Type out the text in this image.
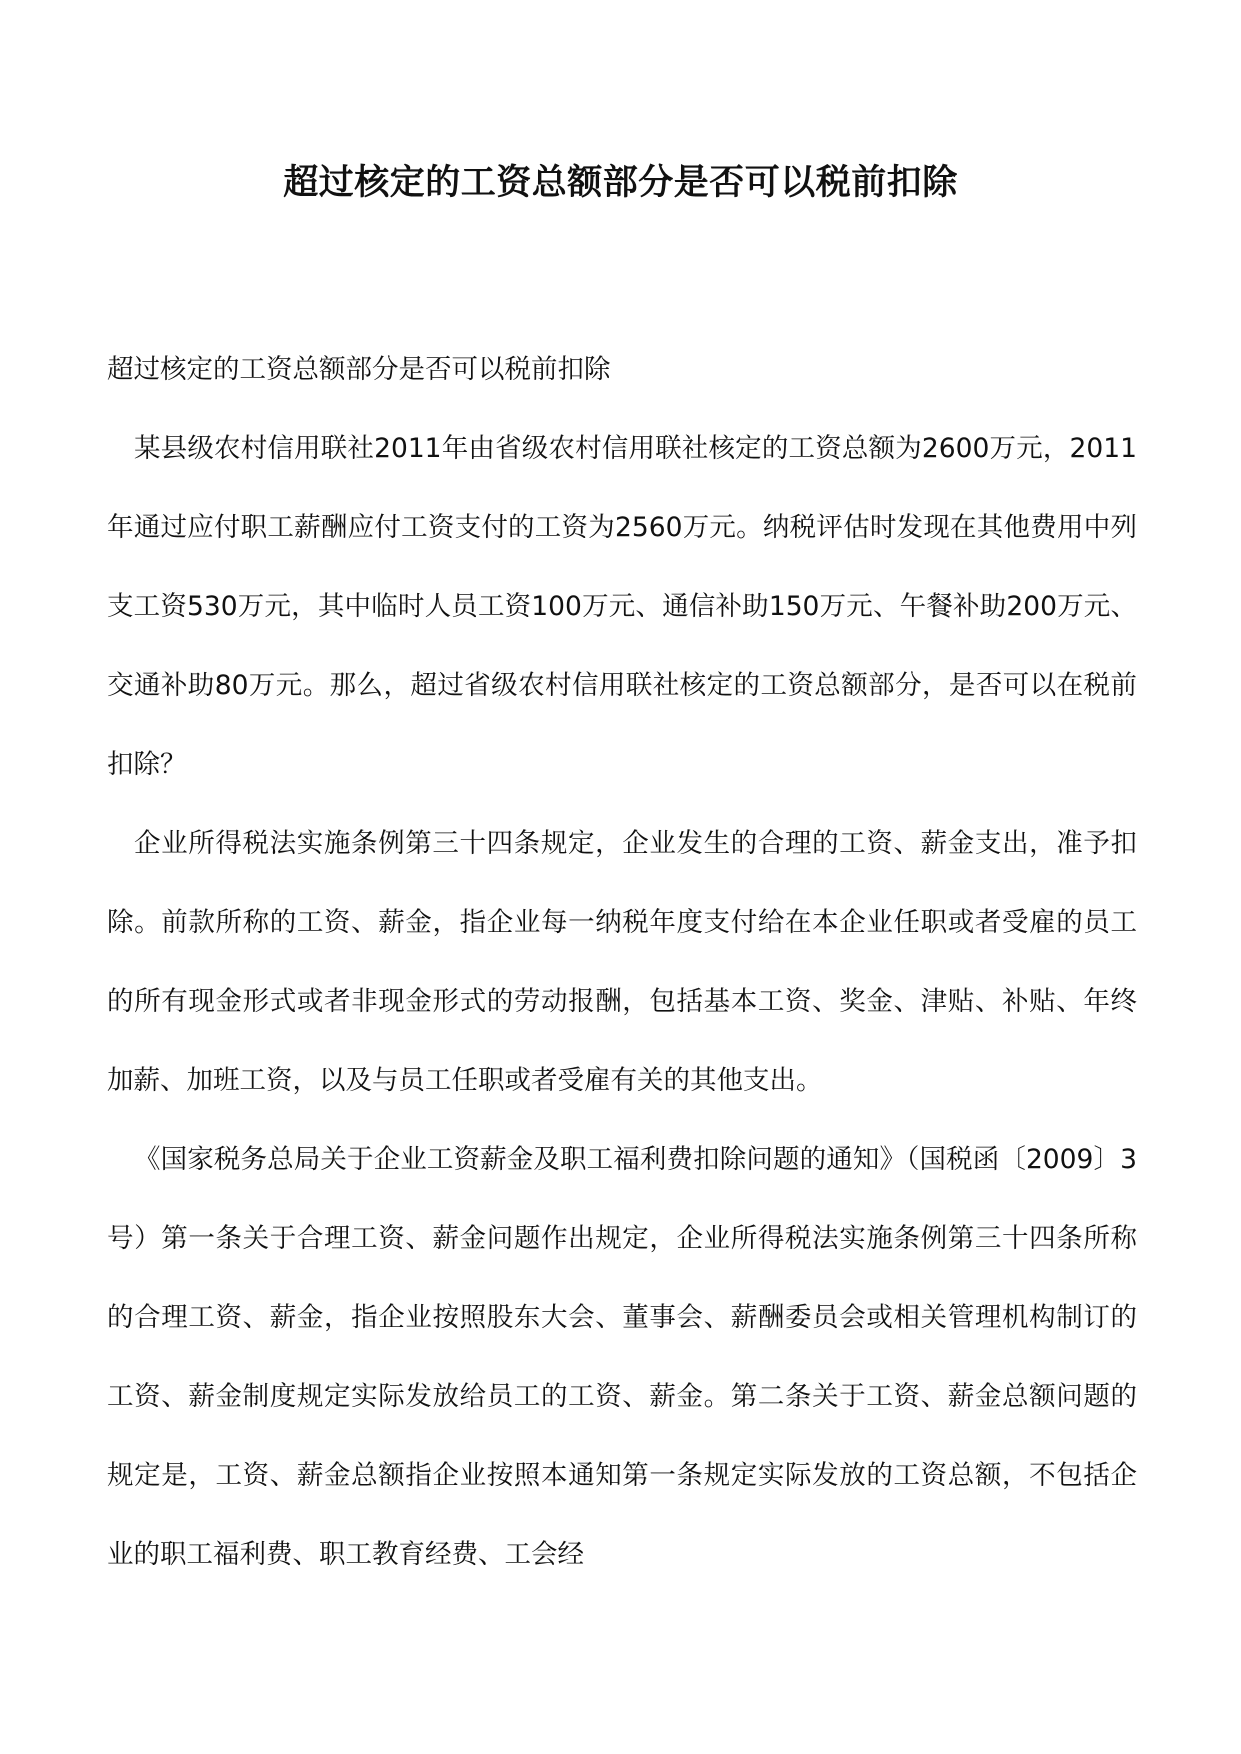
超过核定的工资总额部分是否可以税前扣除

超过核定的工资总额部分是否可以税前扣除

某县级农村信用联社2011年由省级农村信用联社核定的工资总额为2600万元，2011年通过应付职工薪酬应付工资支付的工资为2560万元。纳税评估时发现在其他费用中列支工资530万元，其中临时人员工资100万元、通信补助150万元、午餐补助200万元、交通补助80万元。那么，超过省级农村信用联社核定的工资总额部分，是否可以在税前扣除？

企业所得税法实施条例第三十四条规定，企业发生的合理的工资、薪金支出，准予扣除。前款所称的工资、薪金，指企业每一纳税年度支付给在本企业任职或者受雇的员工的所有现金形式或者非现金形式的劳动报酬，包括基本工资、奖金、津贴、补贴、年终加薪、加班工资，以及与员工任职或者受雇有关的其他支出。

《国家税务总局关于企业工资薪金及职工福利费扣除问题的通知》（国税函〔2009〕3号）第一条关于合理工资、薪金问题作出规定，企业所得税法实施条例第三十四条所称的合理工资、薪金，指企业按照股东大会、董事会、薪酬委员会或相关管理机构制订的工资、薪金制度规定实际发放给员工的工资、薪金。第二条关于工资、薪金总额问题的规定是，工资、薪金总额指企业按照本通知第一条规定实际发放的工资总额，不包括企业的职工福利费、职工教育经费、工会经
